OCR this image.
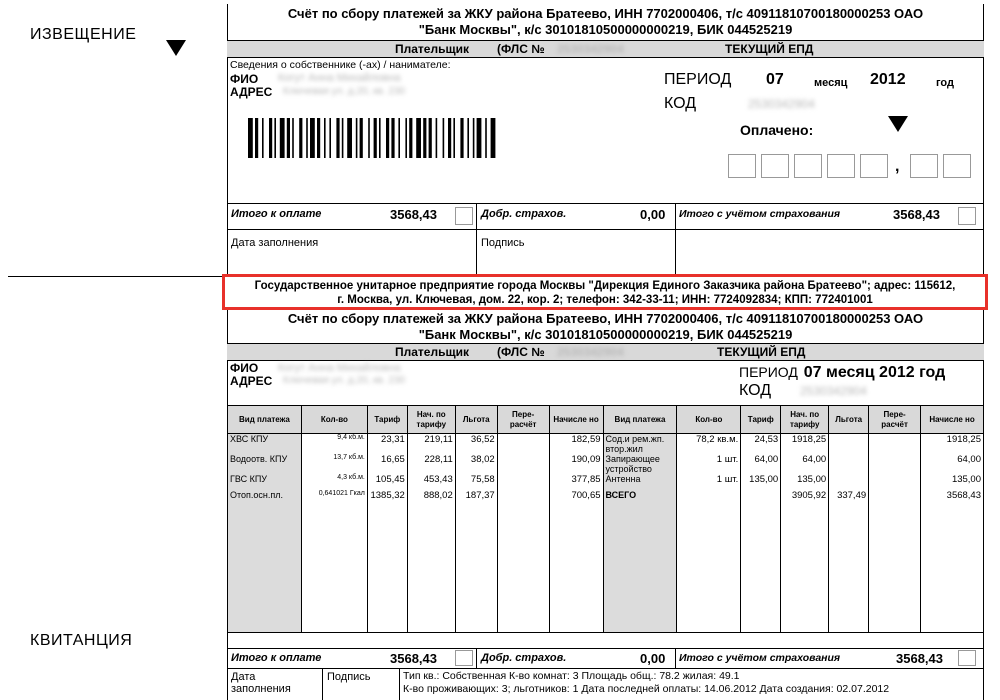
ИЗВЕЩЕНИЕ
КВИТАНЦИЯ
Счёт по сбору платежей за ЖКУ района Братеево, ИНН 7702000406, т/с 40911810700180000253 ОАО
"Банк Москвы", к/с 30101810500000000219, БИК 044525219
Плательщик (ФЛС № 2530342904	ТЕКУЩИЙ ЕПД
Сведения о собственнике (-ах) / нанимателе:
ФИО Когут Анна Михайловна
АДРЕС Ключевая ул. д.20, кв. 230
ПЕРИОД 07	месяц 2012	год
КОД	2530342904
Оплачено:
,
Итого к оплате	3568,43	Добр. страхов.	0,00 Итого с учётом страхования	3568,43
Дата заполнения	Подпись
Государственное унитарное предприятие города Москвы "Дирекция Единого Заказчика района Братеево"; адрес: 115612,
г. Москва, ул. Ключевая, дом. 22, кор. 2; телефон: 342-33-11; ИНН: 7724092834; КПП: 772401001
Счёт по сбору платежей за ЖКУ района Братеево, ИНН 7702000406, т/с 40911810700180000253 ОАО
"Банк Москвы", к/с 30101810500000000219, БИК 044525219
Плательщик (ФЛС № 2530342904	ТЕКУЩИЙ ЕПД
ФИО Когут Анна Михайловна
АДРЕС Ключевая ул. д.20, кв. 230
ПЕРИОД 07 месяц 2012 год
КОД 2530342904
Вид платежа	Кол-во	Тариф	Нач. по тарифу	Льгота	Пере-расчёт	Начисле но	Вид платежа	Кол-во	Тариф	Нач. по тарифу	Льгота	Пере-расчёт	Начисле но
ХВС КПУ	9,4 кб.м.	23,31	219,11	36,52		182,59	Сод.и рем.жп. втор.жил	78,2 кв.м.	24,53	1918,25			1918,25
Водоотв. КПУ	13,7 кб.м.	16,65	228,11	38,02		190,09	Запирающее устройство	1 шт.	64,00	64,00			64,00
ГВС КПУ	4,3 кб.м.	105,45	453,43	75,58		377,85	Антенна	1 шт.	135,00	135,00			135,00
Отоп.осн.пл.	0,641021 Гкал	1385,32	888,02	187,37		700,65	ВСЕГО			3905,92	337,49		3568,43

Итого к оплате	3568,43	Добр. страхов.	0,00 Итого с учётом страхования	3568,43
Дата заполнения
Подпись	Тип кв.: Собственная К-во комнат: 3 Площадь общ.: 78.2 жилая: 49.1
К-во проживающих: 3; льготников: 1 Дата последней оплаты: 14.06.2012 Дата создания: 02.07.2012
